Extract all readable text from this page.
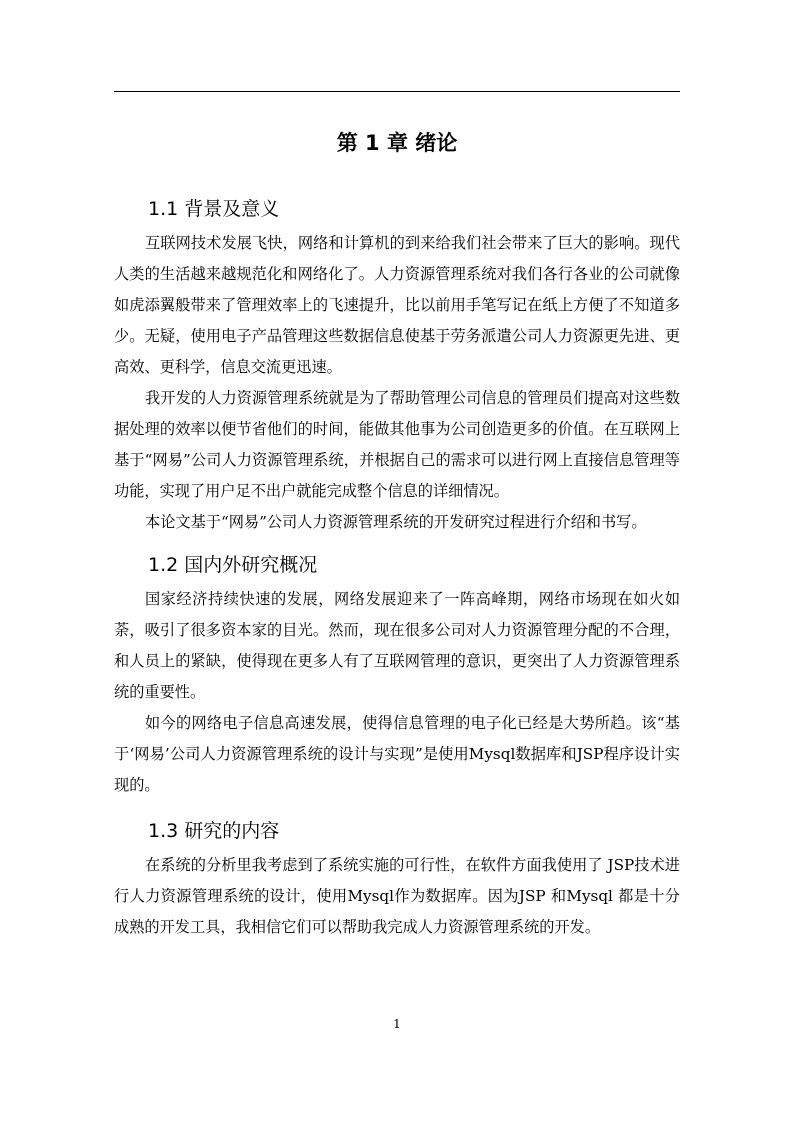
第 1 章 绪论
1.1 背景及意义

互联网技术发展飞快，网络和计算机的到来给我们社会带来了巨大的影响。现代人类的生活越来越规范化和网络化了。人力资源管理系统对我们各行各业的公司就像如虎添翼般带来了管理效率上的飞速提升，比以前用手笔写记在纸上方便了不知道多少。无疑，使用电子产品管理这些数据信息使基于劳务派遣公司人力资源更先进、更高效、更科学，信息交流更迅速。

我开发的人力资源管理系统就是为了帮助管理公司信息的管理员们提高对这些数据处理的效率以便节省他们的时间，能做其他事为公司创造更多的价值。在互联网上基于“网易”公司人力资源管理系统，并根据自己的需求可以进行网上直接信息管理等功能，实现了用户足不出户就能完成整个信息的详细情况。

本论文基于“网易”公司人力资源管理系统的开发研究过程进行介绍和书写。

1.2 国内外研究概况

国家经济持续快速的发展，网络发展迎来了一阵高峰期，网络市场现在如火如荼，吸引了很多资本家的目光。然而，现在很多公司对人力资源管理分配的不合理，和人员上的紧缺，使得现在更多人有了互联网管理的意识，更突出了人力资源管理系统的重要性。

如今的网络电子信息高速发展，使得信息管理的电子化已经是大势所趋。该“基于‘网易’公司人力资源管理系统的设计与实现”是使用Mysql数据库和JSP程序设计实现的。

1.3 研究的内容

在系统的分析里我考虑到了系统实施的可行性，在软件方面我使用了 JSP技术进行人力资源管理系统的设计，使用Mysql作为数据库。因为JSP 和Mysql 都是十分成熟的开发工具，我相信它们可以帮助我完成人力资源管理系统的开发。

1
